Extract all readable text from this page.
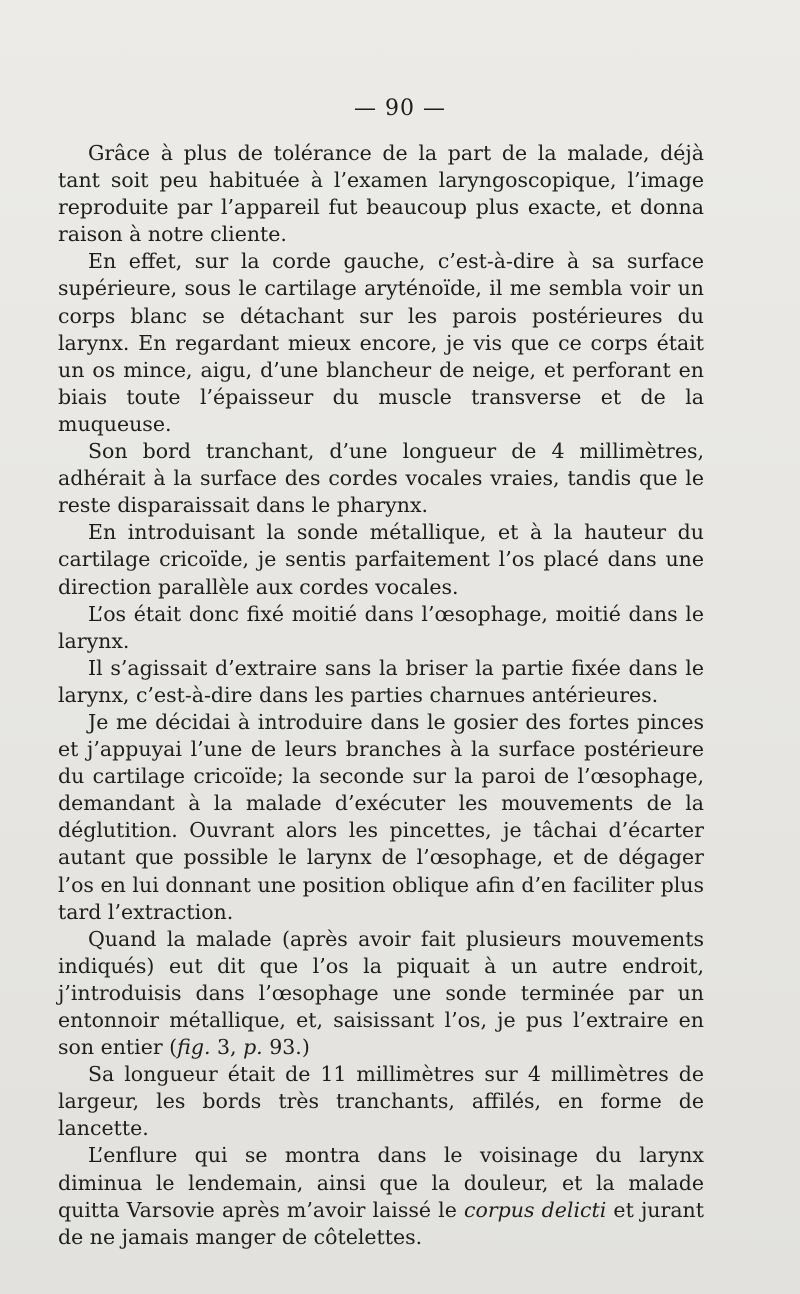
— 90 —

Grâce à plus de tolérance de la part de la malade, déjà tant soit peu habituée à l’examen laryngoscopique, l’image reproduite par l’appareil fut beaucoup plus exacte, et donna raison à notre cliente.

En effet, sur la corde gauche, c’est-à-dire à sa surface supérieure, sous le cartilage aryténoïde, il me sembla voir un corps blanc se détachant sur les parois postérieures du larynx. En regardant mieux encore, je vis que ce corps était un os mince, aigu, d’une blancheur de neige, et perforant en biais toute l’épaisseur du muscle transverse et de la muqueuse.

Son bord tranchant, d’une longueur de 4 millimètres, adhérait à la surface des cordes vocales vraies, tandis que le reste disparaissait dans le pharynx.

En introduisant la sonde métallique, et à la hauteur du cartilage cricoïde, je sentis parfaitement l’os placé dans une direction parallèle aux cordes vocales.

L’os était donc fixé moitié dans l’œsophage, moitié dans le larynx.

Il s’agissait d’extraire sans la briser la partie fixée dans le larynx, c’est-à-dire dans les parties charnues antérieures.

Je me décidai à introduire dans le gosier des fortes pinces et j’appuyai l’une de leurs branches à la surface postérieure du cartilage cricoïde; la seconde sur la paroi de l’œsophage, demandant à la malade d’exécuter les mouvements de la déglutition. Ouvrant alors les pincettes, je tâchai d’écarter autant que possible le larynx de l’œsophage, et de dégager l’os en lui donnant une position oblique afin d’en faciliter plus tard l’extraction.

Quand la malade (après avoir fait plusieurs mouvements indiqués) eut dit que l’os la piquait à un autre endroit, j’introduisis dans l’œsophage une sonde terminée par un entonnoir métallique, et, saisissant l’os, je pus l’extraire en son entier (fig. 3, p. 93.)

Sa longueur était de 11 millimètres sur 4 millimètres de largeur, les bords très tranchants, affilés, en forme de lancette.

L’enflure qui se montra dans le voisinage du larynx diminua le lendemain, ainsi que la douleur, et la malade quitta Varsovie après m’avoir laissé le corpus delicti et jurant de ne jamais manger de côtelettes.
